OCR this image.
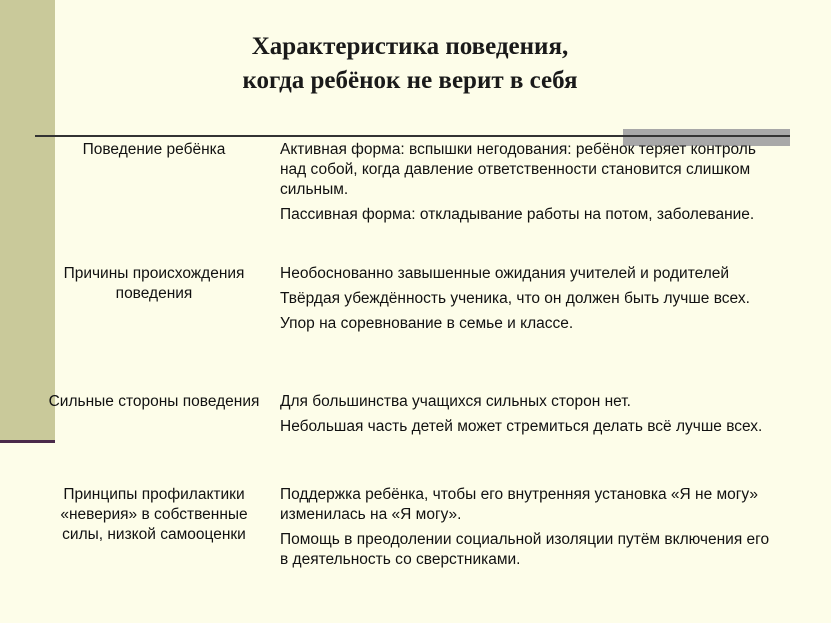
Характеристика поведения,
когда ребёнок не верит в себя
Поведение ребёнка	Активная форма: вспышки негодования: ребёнок теряет контроль над собой, когда давление ответственности становится слишком сильным.

Пассивная форма: откладывание работы на потом, заболевание.

Причины происхождения поведения

Необоснованно завышенные ожидания учителей и родителей

Твёрдая убеждённость ученика, что он должен быть лучше всех.

Упор на соревнование в семье и классе.

Сильные стороны поведения	Для большинства учащихся сильных сторон нет.

Небольшая часть детей может стремиться делать всё лучше всех.

Принципы профилактики «неверия» в собственные силы, низкой самооценки

Поддержка ребёнка, чтобы его внутренняя установка «Я не могу» изменилась на «Я могу».

Помощь в преодолении социальной изоляции путём включения его в деятельность со сверстниками.
